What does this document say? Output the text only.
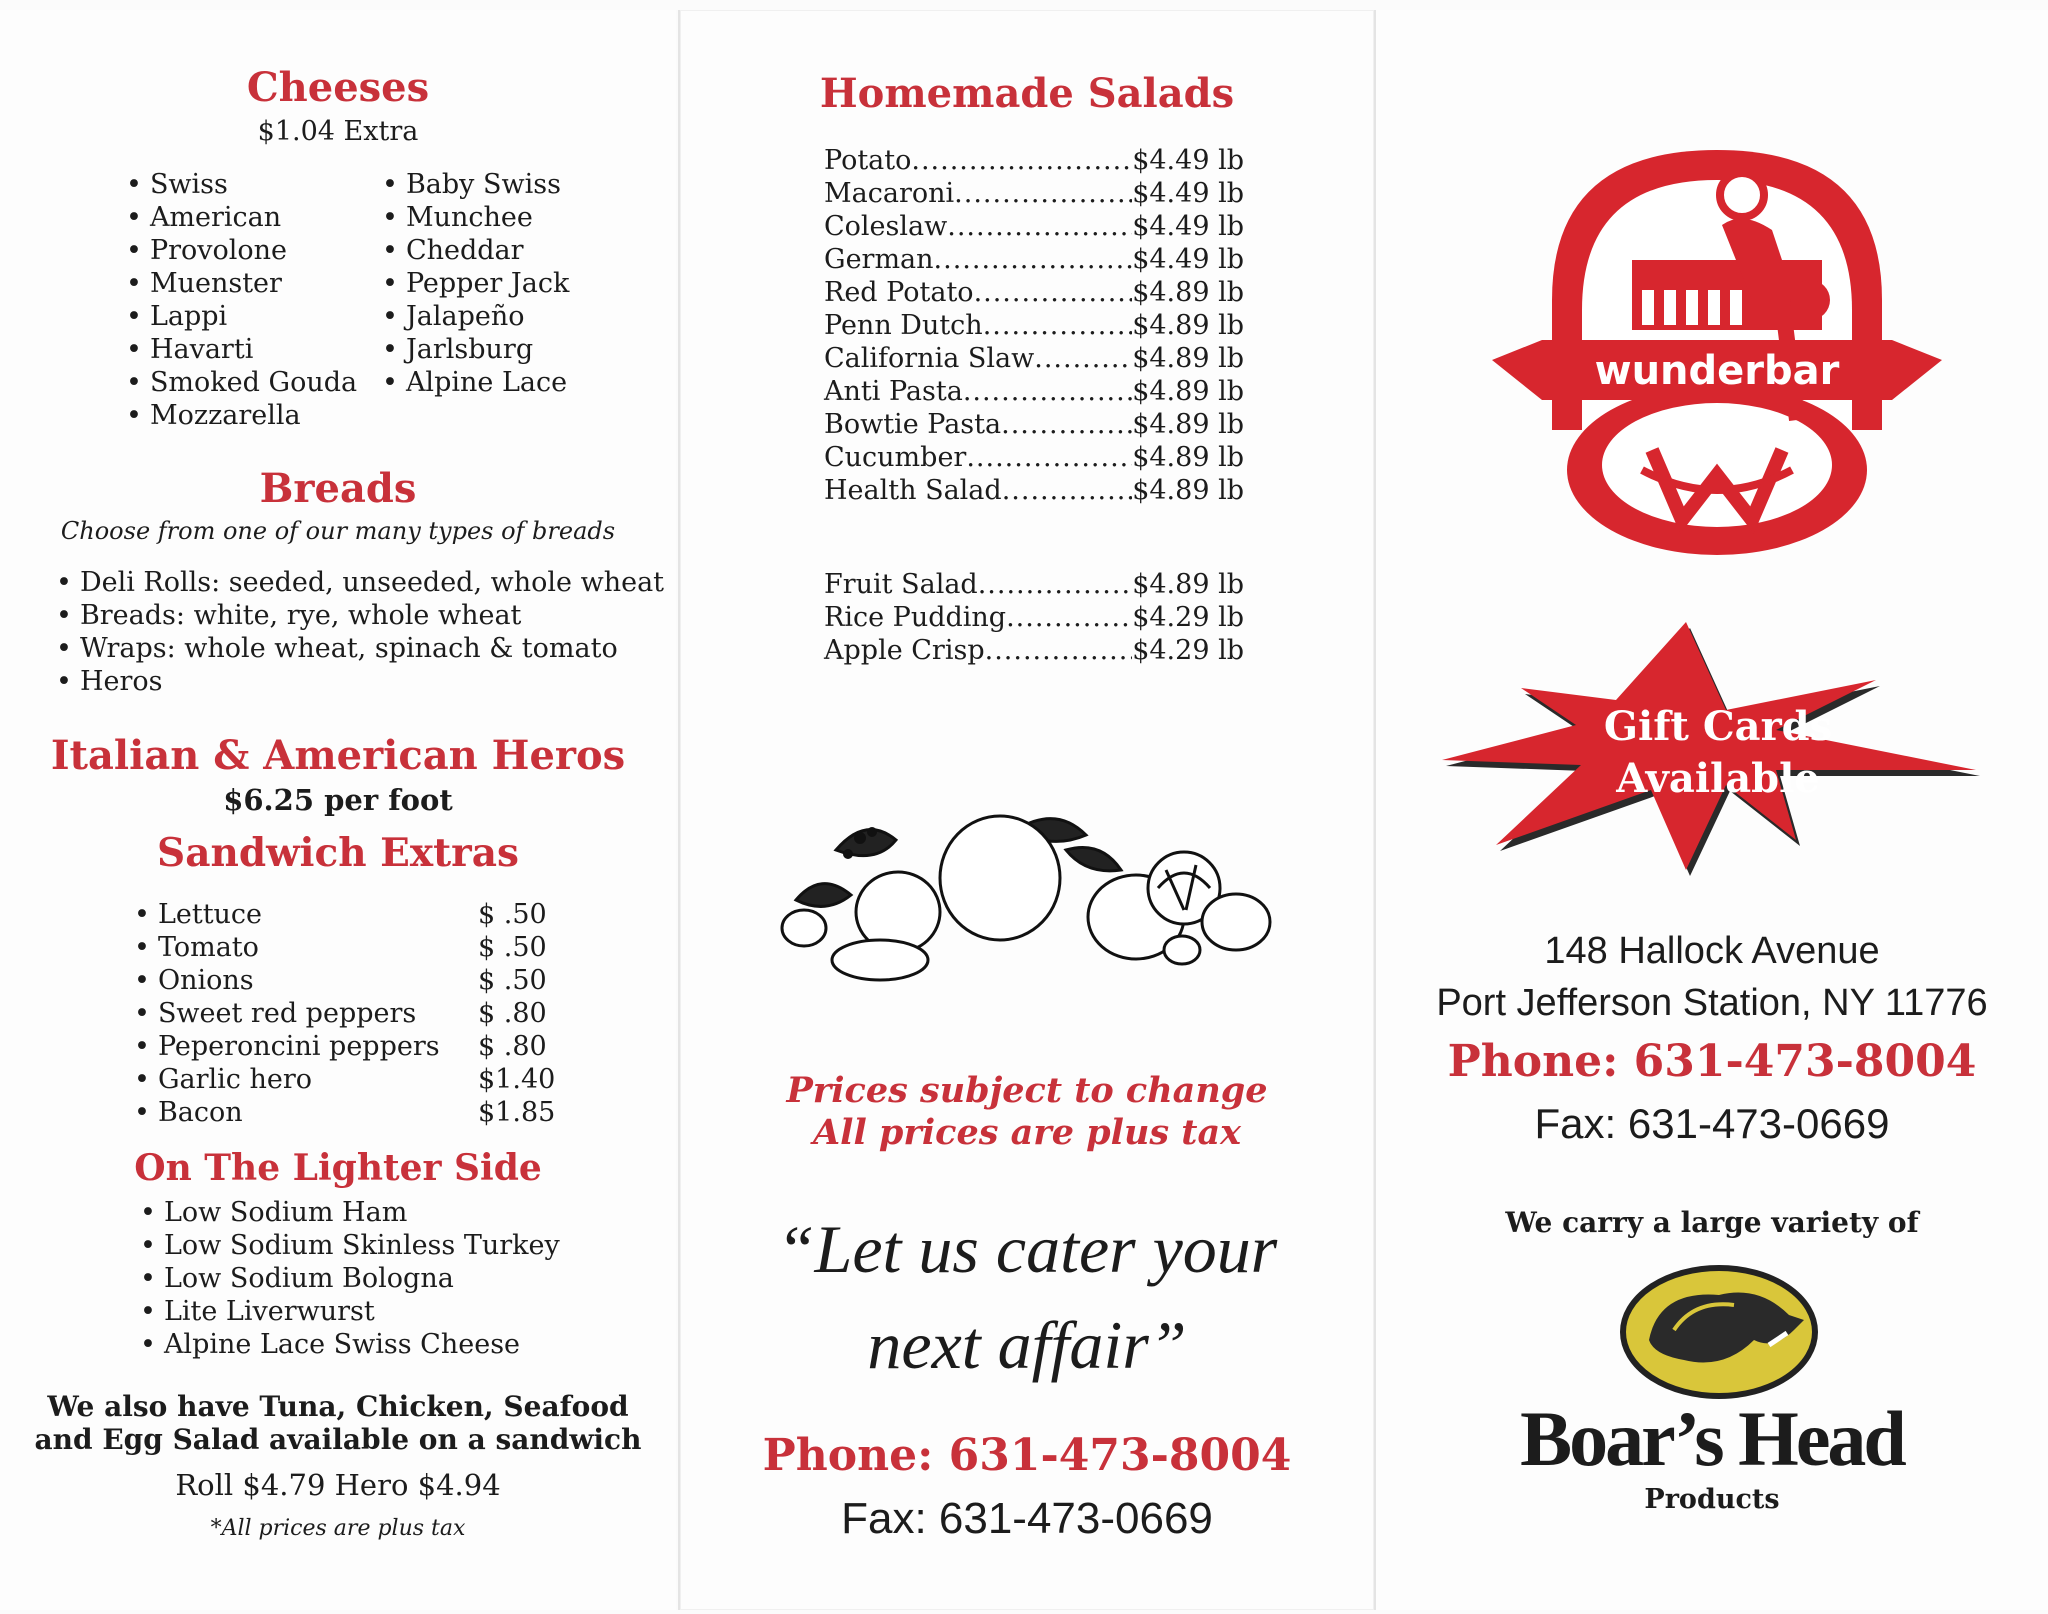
Cheeses
$1.04 Extra
• Swiss
• American
• Provolone
• Muenster
• Lappi
• Havarti
• Smoked Gouda
• Mozzarella
• Baby Swiss
• Munchee
• Cheddar
• Pepper Jack
• Jalapeño
• Jarlsburg
• Alpine Lace
Breads
Choose from one of our many types of breads
• Deli Rolls: seeded, unseeded, whole wheat
• Breads: white, rye, whole wheat
• Wraps: whole wheat, spinach & tomato
• Heros
Italian & American Heros
$6.25 per foot
Sandwich Extras
• Lettuce	$ .50
• Tomato	$ .50
• Onions	$ .50
• Sweet red peppers	$ .80
• Peperoncini peppers	$ .80
• Garlic hero	$1.40
• Bacon	$1.85
On The Lighter Side
• Low Sodium Ham
• Low Sodium Skinless Turkey
• Low Sodium Bologna
• Lite Liverwurst
• Alpine Lace Swiss Cheese
We also have Tuna, Chicken, Seafood
and Egg Salad available on a sandwich
Roll $4.79 Hero $4.94
*All prices are plus tax
Homemade Salads
Potato .....	$4.49 lb
Macaroni .....	$4.49 lb
Coleslaw .....	$4.49 lb
German .....	$4.49 lb
Red Potato .....	$4.89 lb
Penn Dutch .....	$4.89 lb
California Slaw .....	$4.89 lb
Anti Pasta .....	$4.89 lb
Bowtie Pasta .....	$4.89 lb
Cucumber .....	$4.89 lb
Health Salad .....	$4.89 lb
Fruit Salad .....	$4.89 lb
Rice Pudding .....	$4.29 lb
Apple Crisp .....	$4.29 lb
Prices subject to change
All prices are plus tax
“Let us cater your
next affair”
Phone: 631-473-8004
Fax: 631-473-0669
wunderbar
Gift Cards
Available
148 Hallock Avenue
Port Jefferson Station, NY 11776
Phone: 631-473-8004
Fax: 631-473-0669
We carry a large variety of
Boar’s Head
Products
